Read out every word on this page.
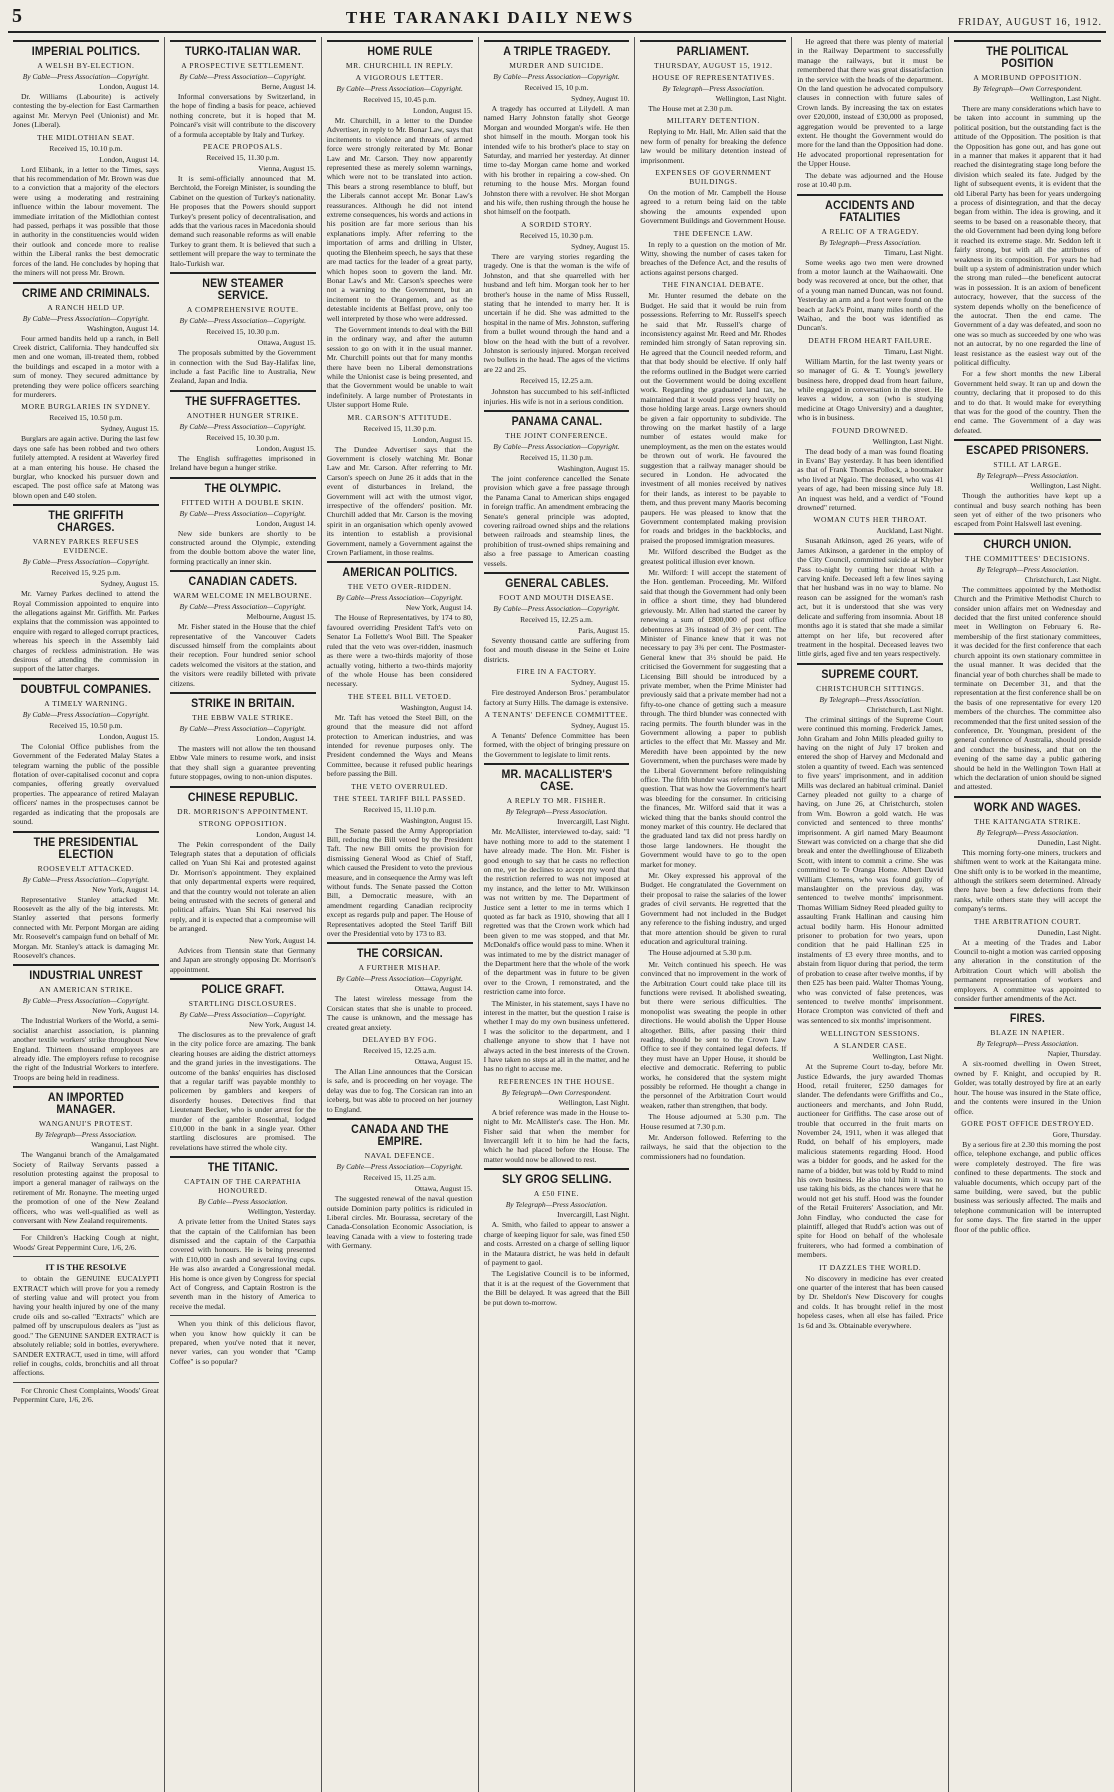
5	THE TARANAKI DAILY NEWS	FRIDAY, AUGUST 16, 1912.
IMPERIAL POLITICS.
A WELSH BY-ELECTION.
By Cable—Press Association—Copyright.
London, August 14.

Dr. Williams (Labourite) is actively contesting the by-election for East Carmarthen against Mr. Mervyn Peel (Unionist) and Mr. Jones (Liberal).

THE MIDLOTHIAN SEAT.
Received 15, 10.10 p.m.
London, August 14.

Lord Elibank, in a letter to the Times, says that his recommendation of Mr. Brown was due to a conviction that a majority of the electors were using a moderating and restraining influence within the labour movement. The immediate irritation of the Midlothian contest had passed, perhaps it was possible that those in authority in the constituencies would widen their outlook and concede more to realise within the Liberal ranks the best democratic forces of the land. He concludes by hoping that the miners will not press Mr. Brown.

CRIME AND CRIMINALS.
A RANCH HELD UP.
By Cable—Press Association—Copyright.
Washington, August 14.

Four armed bandits held up a ranch, in Bell Creek district, California. They handcuffed six men and one woman, ill-treated them, robbed the buildings and escaped in a motor with a sum of money. They secured admittance by pretending they were police officers searching for murderers.

MORE BURGLARIES IN SYDNEY.
Received 15, 10.50 p.m.
Sydney, August 15.

Burglars are again active. During the last few days one safe has been robbed and two others futilely attempted. A resident at Waverley fired at a man entering his house. He chased the burglar, who knocked his pursuer down and escaped. The post office safe at Matong was blown open and £40 stolen.

THE GRIFFITH CHARGES.
VARNEY PARKES REFUSES EVIDENCE.
By Cable—Press Association—Copyright.
Received 15, 9.25 p.m.
Sydney, August 15.

Mr. Varney Parkes declined to attend the Royal Commission appointed to enquire into the allegations against Mr. Griffith. Mr. Parkes explains that the commission was appointed to enquire with regard to alleged corrupt practices, whereas his speech in the Assembly laid charges of reckless administration. He was desirous of attending the commission in support of the latter charges.

DOUBTFUL COMPANIES.
A TIMELY WARNING.
By Cable—Press Association—Copyright.
Received 15, 10.50 p.m.
London, August 15.

The Colonial Office publishes from the Government of the Federated Malay States a telegram warning the public of the possible flotation of over-capitalised coconut and copra companies, offering greatly overvalued properties. The appearance of retired Malayan officers' names in the prospectuses cannot be regarded as indicating that the proposals are sound.

THE PRESIDENTIAL ELECTION
ROOSEVELT ATTACKED.
By Cable—Press Association—Copyright.
New York, August 14.

Representative Stanley attacked Mr. Roosevelt as the ally of the big interests. Mr. Stanley asserted that persons formerly connected with Mr. Perpont Morgan are aiding Mr. Roosevelt's campaign fund on behalf of Mr. Morgan. Mr. Stanley's attack is damaging Mr. Roosevelt's chances.

INDUSTRIAL UNREST
AN AMERICAN STRIKE.
By Cable—Press Association—Copyright.
New York, August 14.

The Industrial Workers of the World, a semi-socialist anarchist association, is planning another textile workers' strike throughout New England. Thirteen thousand employees are already idle. The employers refuse to recognise the right of the Industrial Workers to interfere. Troops are being held in readiness.

AN IMPORTED MANAGER.
WANGANUI'S PROTEST.
By Telegraph—Press Association.
Wanganui, Last Night.

The Wanganui branch of the Amalgamated Society of Railway Servants passed a resolution protesting against the proposal to import a general manager of railways on the retirement of Mr. Ronayne. The meeting urged the promotion of one of the New Zealand officers, who was well-qualified as well as conversant with New Zealand requirements.

For Children's Hacking Cough at night, Woods' Great Peppermint Cure, 1/6, 2/6.

IT IS THE RESOLVE

to obtain the GENUINE EUCALYPTI EXTRACT which will prove for you a remedy of sterling value and will protect you from having your health injured by one of the many crude oils and so-called "Extracts" which are palmed off by unscrupulous dealers as "just as good." The GENUINE SANDER EXTRACT is absolutely reliable; sold in bottles, everywhere. SANDER EXTRACT, used in time, will afford relief in coughs, colds, bronchitis and all throat affections.

For Chronic Chest Complaints, Woods' Great Peppermint Cure, 1/6, 2/6.

TURKO-ITALIAN WAR.
A PROSPECTIVE SETTLEMENT.
By Cable—Press Association—Copyright.
Berne, August 14.

Informal conversations by Switzerland, in the hope of finding a basis for peace, achieved nothing concrete, but it is hoped that M. Poincaré's visit will contribute to the discovery of a formula acceptable by Italy and Turkey.

PEACE PROPOSALS.
Received 15, 11.30 p.m.
Vienna, August 15.

It is semi-officially announced that M. Berchtold, the Foreign Minister, is sounding the Cabinet on the question of Turkey's nationality. He proposes that the Powers should support Turkey's present policy of decentralisation, and adds that the various races in Macedonia should demand such reasonable reforms as will enable Turkey to grant them. It is believed that such a settlement will prepare the way to terminate the Italo-Turkish war.

NEW STEAMER SERVICE.
A COMPREHENSIVE ROUTE.
By Cable—Press Association—Copyright.
Received 15, 10.30 p.m.
Ottawa, August 15.

The proposals submitted by the Government in connection with the Sud Bay-Halifax line, include a fast Pacific line to Australia, New Zealand, Japan and India.

THE SUFFRAGETTES.
ANOTHER HUNGER STRIKE.
By Cable—Press Association—Copyright.
Received 15, 10.30 p.m.
London, August 15.

The English suffragettes imprisoned in Ireland have begun a hunger strike.

THE OLYMPIC.
FITTED WITH A DOUBLE SKIN.
By Cable—Press Association—Copyright.
London, August 14.

New side bunkers are shortly to be constructed around the Olympic, extending from the double bottom above the water line, forming practically an inner skin.

CANADIAN CADETS.
WARM WELCOME IN MELBOURNE.
By Cable—Press Association—Copyright.
Melbourne, August 15.

Mr. Fisher stated in the House that the chief representative of the Vancouver Cadets discussed himself from the complaints about their reception. Four hundred senior school cadets welcomed the visitors at the station, and the visitors were readily billeted with private citizens.

STRIKE IN BRITAIN.
THE EBBW VALE STRIKE.
By Cable—Press Association—Copyright.
London, August 14.

The masters will not allow the ten thousand Ebbw Vale miners to resume work, and insist that they shall sign a guarantee preventing future stoppages, owing to non-union disputes.

CHINESE REPUBLIC.
DR. MORRISON'S APPOINTMENT.
STRONG OPPOSITION.
London, August 14.

The Pekin correspondent of the Daily Telegraph states that a deputation of officials called on Yuan Shi Kai and protested against Dr. Morrison's appointment. They explained that only departmental experts were required, and that the country would not tolerate an alien being entrusted with the secrets of general and political affairs. Yuan Shi Kai reserved his reply, and it is expected that a compromise will be arranged.

New York, August 14.

Advices from Tientsin state that Germany and Japan are strongly opposing Dr. Morrison's appointment.

POLICE GRAFT.
STARTLING DISCLOSURES.
By Cable—Press Association—Copyright.
New York, August 14.

The disclosures as to the prevalence of graft in the city police force are amazing. The bank clearing houses are aiding the district attorneys and the grand juries in the investigations. The outcome of the banks' enquiries has disclosed that a regular tariff was payable monthly to policemen by gamblers and keepers of disorderly houses. Detectives find that Lieutenant Becker, who is under arrest for the murder of the gambler Rosenthal, lodged £10,000 in the bank in a single year. Other startling disclosures are promised. The revelations have stirred the whole city.

THE TITANIC.
CAPTAIN OF THE CARPATHIA HONOURED.
By Cable—Press Association.
Wellington, Yesterday.

A private letter from the United States says that the captain of the Californian has been dismissed and the captain of the Carpathia covered with honours. He is being presented with £10,000 in cash and several loving cups. He was also awarded a Congressional medal. His home is once given by Congress for special Act of Congress, and Captain Rostron is the seventh man in the history of America to receive the medal.

When you think of this delicious flavor, when you know how quickly it can be prepared, when you've noted that it never, never varies, can you wonder that "Camp Coffee" is so popular?

HOME RULE
MR. CHURCHILL IN REPLY.
A VIGOROUS LETTER.
By Cable—Press Association—Copyright.
Received 15, 10.45 p.m.
London, August 15.

Mr. Churchill, in a letter to the Dundee Advertiser, in reply to Mr. Bonar Law, says that incitements to violence and threats of armed force were strongly reiterated by Mr. Bonar Law and Mr. Carson. They now apparently represented these as merely solemn warnings, which were not to be translated into action. This bears a strong resemblance to bluff, but the Liberals cannot accept Mr. Bonar Law's reassurances. Although he did not intend extreme consequences, his words and actions in his position are far more serious than his explanations imply. After referring to the importation of arms and drilling in Ulster, quoting the Blenheim speech, he says that these are mad tactics for the leader of a great party, which hopes soon to govern the land. Mr. Bonar Law's and Mr. Carson's speeches were not a warning to the Government, but an incitement to the Orangemen, and as the detestable incidents at Belfast prove, only too well interpreted by those who were addressed.

The Government intends to deal with the Bill in the ordinary way, and after the autumn session to go on with it in the usual manner. Mr. Churchill points out that for many months there have been no Liberal demonstrations while the Unionist case is being presented, and that the Government would be unable to wait indefinitely. A large number of Protestants in Ulster support Home Rule.

MR. CARSON'S ATTITUDE.
Received 15, 11.30 p.m.
London, August 15.

The Dundee Advertiser says that the Government is closely watching Mr. Bonar Law and Mr. Carson. After referring to Mr. Carson's speech on June 26 it adds that in the event of disturbances in Ireland, the Government will act with the utmost vigor, irrespective of the offenders' position. Mr. Churchill added that Mr. Carson is the moving spirit in an organisation which openly avowed its intention to establish a provisional Government, namely a Government against the Crown Parliament, in those realms.

AMERICAN POLITICS.
THE VETO OVER-RIDDEN.
By Cable—Press Association—Copyright.
New York, August 14.

The House of Representatives, by 174 to 80, favoured overriding President Taft's veto on Senator La Follette's Wool Bill. The Speaker ruled that the veto was over-ridden, inasmuch as there were a two-thirds majority of those actually voting, hitherto a two-thirds majority of the whole House has been considered necessary.

THE STEEL BILL VETOED.
Washington, August 14.

Mr. Taft has vetoed the Steel Bill, on the ground that the measure did not afford protection to American industries, and was intended for revenue purposes only. The President condemned the Ways and Means Committee, because it refused public hearings before passing the Bill.

THE VETO OVERRULED.
THE STEEL TARIFF BILL PASSED.
Received 15, 11.10 p.m.
Washington, August 15.

The Senate passed the Army Appropriation Bill, reducing the Bill vetoed by the President Taft. The new Bill omits the provision for dismissing General Wood as Chief of Staff, which caused the President to veto the previous measure, and in consequence the Army was left without funds. The Senate passed the Cotton Bill, a Democratic measure, with an amendment regarding Canadian reciprocity except as regards pulp and paper. The House of Representatives adopted the Steel Tariff Bill over the Presidential veto by 173 to 83.

THE CORSICAN.
A FURTHER MISHAP.
By Cable—Press Association—Copyright.
Ottawa, August 14.

The latest wireless message from the Corsican states that she is unable to proceed. The cause is unknown, and the message has created great anxiety.

DELAYED BY FOG.
Received 15, 12.25 a.m.
Ottawa, August 15.

The Allan Line announces that the Corsican is safe, and is proceeding on her voyage. The delay was due to fog. The Corsican ran into an iceberg, but was able to proceed on her journey to England.

CANADA AND THE EMPIRE.
NAVAL DEFENCE.
By Cable—Press Association—Copyright.
Received 15, 11.25 a.m.
Ottawa, August 15.

The suggested renewal of the naval question outside Dominion party politics is ridiculed in Liberal circles. Mr. Bourassa, secretary of the Canada-Consolation Economic Association, is leaving Canada with a view to fostering trade with Germany.

A TRIPLE TRAGEDY.
MURDER AND SUICIDE.
By Cable—Press Association—Copyright.
Received 15, 10 p.m.
Sydney, August 10.

A tragedy has occurred at Lilydell. A man named Harry Johnston fatally shot George Morgan and wounded Morgan's wife. He then shot himself in the mouth. Morgan took his intended wife to his brother's place to stay on Saturday, and married her yesterday. At dinner time to-day Morgan came home and worked with his brother in repairing a cow-shed. On returning to the house Mrs. Morgan found Johnston there with a revolver. He shot Morgan and his wife, then rushing through the house he shot himself on the footpath.

A SORDID STORY.
Received 15, 10.30 p.m.
Sydney, August 15.

There are varying stories regarding the tragedy. One is that the woman is the wife of Johnston, and that she quarrelled with her husband and left him. Morgan took her to her brother's house in the name of Miss Russell, stating that he intended to marry her. It is uncertain if he did. She was admitted to the hospital in the name of Mrs. Johnston, suffering from a bullet wound through the hand and a blow on the head with the butt of a revolver. Johnston is seriously injured. Morgan received two bullets in the head. The ages of the victims are 22 and 25.

Received 15, 12.25 a.m.

Johnston has succumbed to his self-inflicted injuries. His wife is not in a serious condition.

PANAMA CANAL.
THE JOINT CONFERENCE.
By Cable—Press Association—Copyright.
Received 15, 11.30 p.m.
Washington, August 15.

The joint conference cancelled the Senate provision which gave a free passage through the Panama Canal to American ships engaged in foreign traffic. An amendment embracing the Senate's general principle was adopted, covering railroad owned ships and the relations between railroads and steamship lines, the prohibition of trust-owned ships remaining and also a free passage to American coasting vessels.

GENERAL CABLES.
FOOT AND MOUTH DISEASE.
By Cable—Press Association—Copyright.
Received 15, 12.25 a.m.
Paris, August 15.

Seventy thousand cattle are suffering from foot and mouth disease in the Seine et Loire districts.

FIRE IN A FACTORY.
Sydney, August 15.

Fire destroyed Anderson Bros.' perambulator factory at Surry Hills. The damage is extensive.

A TENANTS' DEFENCE COMMITTEE.
Sydney, August 15.

A Tenants' Defence Committee has been formed, with the object of bringing pressure on the Government to legislate to limit rents.

MR. MACALLISTER'S CASE.
A REPLY TO MR. FISHER.
By Telegraph—Press Association.
Invercargill, Last Night.

Mr. McAllister, interviewed to-day, said: "I have nothing more to add to the statement I have already made. The Hon. Mr. Fisher is good enough to say that he casts no reflection on me, yet he declines to accept my word that the restriction referred to was not imposed at my instance, and the letter to Mr. Wilkinson was not written by me. The Department of Justice sent a letter to me in terms which I quoted as far back as 1910, showing that all I regretted was that the Crown work which had been given to me was stopped, and that Mr. McDonald's office would pass to mine. When it was intimated to me by the district manager of the Department here that the whole of the work of the department was in future to be given over to the Crown, I remonstrated, and the restriction came into force.

The Minister, in his statement, says I have no interest in the matter, but the question I raise is whether I may do my own business unfettered. I was the solicitor to the department, and I challenge anyone to show that I have not always acted in the best interests of the Crown. I have taken no steps at all in the matter, and he has no right to accuse me.

REFERENCES IN THE HOUSE.
By Telegraph—Own Correspondent.
Wellington, Last Night.

A brief reference was made in the House to-night to Mr. McAllister's case. The Hon. Mr. Fisher said that when the member for Invercargill left it to him he had the facts, which he had placed before the House. The matter would now be allowed to rest.

SLY GROG SELLING.
A £50 FINE.
By Telegraph—Press Association.
Invercargill, Last Night.

A. Smith, who failed to appear to answer a charge of keeping liquor for sale, was fined £50 and costs. Arrested on a charge of selling liquor in the Mataura district, he was held in default of payment to gaol.

The Legislative Council is to be informed, that it is at the request of the Government that the Bill be delayed. It was agreed that the Bill be put down to-morrow.

PARLIAMENT.
THURSDAY, AUGUST 15, 1912.
HOUSE OF REPRESENTATIVES.
By Telegraph—Press Association.
Wellington, Last Night.

The House met at 2.30 p.m.

MILITARY DETENTION.

Replying to Mr. Hall, Mr. Allen said that the new form of penalty for breaking the defence law would be military detention instead of imprisonment.

EXPENSES OF GOVERNMENT BUILDINGS.

On the motion of Mr. Campbell the House agreed to a return being laid on the table showing the amounts expended upon Government Buildings and Government House.

THE DEFENCE LAW.

In reply to a question on the motion of Mr. Witty, showing the number of cases taken for breaches of the Defence Act, and the results of actions against persons charged.

THE FINANCIAL DEBATE.

Mr. Hunter resumed the debate on the Budget. He said that it would be ruin from possessions. Referring to Mr. Russell's speech he said that Mr. Russell's charge of inconsistency against Mr. Reed and Mr. Rhodes reminded him strongly of Satan reproving sin. He agreed that the Council needed reform, and that that body should be elective. If only half the reforms outlined in the Budget were carried out the Government would be doing excellent work. Regarding the graduated land tax, he maintained that it would press very heavily on those holding large areas. Large owners should be given a fair opportunity to subdivide. The throwing on the market hastily of a large number of estates would make for unemployment, as the men on the estates would be thrown out of work. He favoured the suggestion that a railway manager should be secured in London. He advocated the investment of all monies received by natives for their lands, as interest to be payable to them, and thus prevent many Maoris becoming paupers. He was pleased to know that the Government contemplated making provision for roads and bridges in the backblocks, and praised the proposed immigration measures.

Mr. Wilford described the Budget as the greatest political illusion ever known.

Mr. Wilford: I will accept the statement of the Hon. gentleman. Proceeding, Mr. Wilford said that though the Government had only been in office a short time, they had blundered grievously. Mr. Allen had started the career by renewing a sum of £800,000 of post office debentures at 3¾ instead of 3½ per cent. The Minister of Finance knew that it was not necessary to pay 3¾ per cent. The Postmaster-General knew that 3½ should be paid. He criticised the Government for suggesting that a Licensing Bill should be introduced by a private member, when the Prime Minister had previously said that a private member had not a fifty-to-one chance of getting such a measure through. The third blunder was connected with racing permits. The fourth blunder was in the Government allowing a paper to publish articles to the effect that Mr. Massey and Mr. Meredith have been appointed by the new Government, when the purchases were made by the Liberal Government before relinquishing office. The fifth blunder was referring the tariff question. That was how the Government's heart was bleeding for the consumer. In criticising the finances, Mr. Wilford said that it was a wicked thing that the banks should control the money market of this country. He declared that the graduated land tax did not press hardly on those large landowners. He thought the Government would have to go to the open market for money.

Mr. Okey expressed his approval of the Budget. He congratulated the Government on their proposal to raise the salaries of the lower grades of civil servants. He regretted that the Government had not included in the Budget any reference to the fishing industry, and urged that more attention should be given to rural education and agricultural training.

The House adjourned at 5.30 p.m.

Mr. Veitch continued his speech. He was convinced that no improvement in the work of the Arbitration Court could take place till its functions were revised. It abolished sweating, but there were serious difficulties. The monopolist was sweating the people in other directions. He would abolish the Upper House altogether. Bills, after passing their third reading, should be sent to the Crown Law Office to see if they contained legal defects. If they must have an Upper House, it should be elective and democratic. Referring to public works, he considered that the system might possibly be reformed. He thought a change in the personnel of the Arbitration Court would weaken, rather than strengthen, that body.

The House adjourned at 5.30 p.m. The House resumed at 7.30 p.m.

Mr. Anderson followed. Referring to the railways, he said that the objection to the commissioners had no foundation.

He agreed that there was plenty of material in the Railway Department to successfully manage the railways, but it must be remembered that there was great dissatisfaction in the service with the heads of the department. On the land question he advocated compulsory clauses in connection with future sales of Crown lands. By increasing the tax on estates over £20,000, instead of £30,000 as proposed, aggregation would be prevented to a large extent. He thought the Government would do more for the land than the Opposition had done. He advocated proportional representation for the Upper House.

The debate was adjourned and the House rose at 10.40 p.m.

ACCIDENTS AND FATALITIES
A RELIC OF A TRAGEDY.
By Telegraph—Press Association.
Timaru, Last Night.

Some weeks ago two men were drowned from a motor launch at the Waihaowaiti. One body was recovered at once, but the other, that of a young man named Duncan, was not found. Yesterday an arm and a foot were found on the beach at Jack's Point, many miles north of the Waihao, and the boot was identified as Duncan's.

DEATH FROM HEART FAILURE.
Timaru, Last Night.

William Martin, for the last twenty years or so manager of G. & T. Young's jewellery business here, dropped dead from heart failure, while engaged in conversation in the street. He leaves a widow, a son (who is studying medicine at Otago University) and a daughter, who is in business.

FOUND DROWNED.
Wellington, Last Night.

The dead body of a man was found floating in Evans' Bay yesterday. It has been identified as that of Frank Thomas Pollock, a bootmaker who lived at Ngaio. The deceased, who was 41 years of age, had been missing since July 18. An inquest was held, and a verdict of "Found drowned" returned.

WOMAN CUTS HER THROAT.
Auckland, Last Night.

Susanah Atkinson, aged 26 years, wife of James Atkinson, a gardener in the employ of the City Council, committed suicide at Khyber Pass to-night by cutting her throat with a carving knife. Deceased left a few lines saying that her husband was in no way to blame. No reason can be assigned for the woman's rash act, but it is understood that she was very delicate and suffering from insomnia. About 18 months ago it is stated that she made a similar attempt on her life, but recovered after treatment in the hospital. Deceased leaves two little girls, aged five and ten years respectively.

SUPREME COURT.
CHRISTCHURCH SITTINGS.
By Telegraph—Press Association.
Christchurch, Last Night.

The criminal sittings of the Supreme Court were continued this morning. Frederick James, John Graham and John Mills pleaded guilty to having on the night of July 17 broken and entered the shop of Harvey and Mcdonald and stolen a quantity of tweed. Each was sentenced to five years' imprisonment, and in addition Mills was declared an habitual criminal. Daniel Carney pleaded not guilty to a charge of having, on June 26, at Christchurch, stolen from Wm. Bowron a gold watch. He was convicted and sentenced to three months' imprisonment. A girl named Mary Beaumont Stewart was convicted on a charge that she did break and enter the dwellinghouse of Elizabeth Scott, with intent to commit a crime. She was committed to Te Oranga Home. Albert David William Clemens, who was found guilty of manslaughter on the previous day, was sentenced to twelve months' imprisonment. Thomas William Sidney Reed pleaded guilty to assaulting Frank Hallinan and causing him actual bodily harm. His Honour admitted prisoner to probation for two years, upon condition that he paid Hallinan £25 in instalments of £3 every three months, and to abstain from liquor during that period, the term of probation to cease after twelve months, if by then £25 has been paid. Walter Thomas Young, who was convicted of false pretences, was sentenced to twelve months' imprisonment. Horace Crompton was convicted of theft and was sentenced to six months' imprisonment.

WELLINGTON SESSIONS.
A SLANDER CASE.
Wellington, Last Night.

At the Supreme Court to-day, before Mr. Justice Edwards, the jury awarded Thomas Hood, retail fruiterer, £250 damages for slander. The defendants were Griffiths and Co., auctioneers and merchants, and John Rudd, auctioneer for Griffiths. The case arose out of trouble that occurred in the fruit marts on November 24, 1911, when it was alleged that Rudd, on behalf of his employers, made malicious statements regarding Hood. Hood was a bidder for goods, and he asked for the name of a bidder, but was told by Rudd to mind his own business. He also told him it was no use taking his bids, as the chances were that he would not get his stuff. Hood was the founder of the Retail Fruiterers' Association, and Mr. John Findlay, who conducted the case for plaintiff, alleged that Rudd's action was out of spite for Hood on behalf of the wholesale fruiterers, who had formed a combination of members.

IT DAZZLES THE WORLD.

No discovery in medicine has ever created one quarter of the interest that has been caused by Dr. Sheldon's New Discovery for coughs and colds. It has brought relief in the most hopeless cases, when all else has failed. Price 1s 6d and 3s. Obtainable everywhere.

THE POLITICAL POSITION
A MORIBUND OPPOSITION.
By Telegraph—Own Correspondent.
Wellington, Last Night.

There are many considerations which have to be taken into account in summing up the political position, but the outstanding fact is the attitude of the Opposition. The position is that the Opposition has gone out, and has gone out in a manner that makes it apparent that it had reached the disintegrating stage long before the division which sealed its fate. Judged by the light of subsequent events, it is evident that the old Liberal Party has been for years undergoing a process of disintegration, and that the decay began from within. The idea is growing, and it seems to be based on a reasonable theory, that the old Government had been dying long before it reached its extreme stage. Mr. Seddon left it fairly strong, but with all the attributes of weakness in its composition. For years he had built up a system of administration under which the strong man ruled—the beneficent autocrat was in possession. It is an axiom of beneficent autocracy, however, that the success of the system depends wholly on the beneficence of the autocrat. Then the end came. The Government of a day was defeated, and soon no one was so much as succeeded by one who was not an autocrat, by no one regarded the line of least resistance as the easiest way out of the political difficulty.

For a few short months the new Liberal Government held sway. It ran up and down the country, declaring that it proposed to do this and to do that. It would make for everything that was for the good of the country. Then the end came. The Government of a day was defeated.

ESCAPED PRISONERS.
STILL AT LARGE.
By Telegraph—Press Association.
Wellington, Last Night.

Though the authorities have kept up a continual and busy search nothing has been seen yet of either of the two prisoners who escaped from Point Halswell last evening.

CHURCH UNION.
THE COMMITTEES' DECISIONS.
By Telegraph—Press Association.
Christchurch, Last Night.

The committees appointed by the Methodist Church and the Primitive Methodist Church to consider union affairs met on Wednesday and decided that the first united conference should meet in Wellington on February 6. Re-membership of the first stationary committees, it was decided for the first conference that each church appoint its own stationary committee in the usual manner. It was decided that the financial year of both churches shall be made to terminate on December 31, and that the representation at the first conference shall be on the basis of one representative for every 120 members of the churches. The committee also recommended that the first united session of the conference, Dr. Youngman, president of the general conference of Australia, should preside and conduct the business, and that on the evening of the same day a public gathering should be held in the Wellington Town Hall at which the declaration of union should be signed and attested.

WORK AND WAGES.
THE KAITANGATA STRIKE.
By Telegraph—Press Association.
Dunedin, Last Night.

This morning forty-one miners, truckers and shiftmen went to work at the Kaitangata mine. One shift only is to be worked in the meantime, although the strikers seem determined. Already there have been a few defections from their ranks, while others state they will accept the company's terms.

THE ARBITRATION COURT.
Dunedin, Last Night.

At a meeting of the Trades and Labor Council to-night a motion was carried opposing any alteration in the constitution of the Arbitration Court which will abolish the permanent representation of workers and employers. A committee was appointed to consider further amendments of the Act.

FIRES.
BLAZE IN NAPIER.
By Telegraph—Press Association.
Napier, Thursday.

A six-roomed dwelling in Owen Street, owned by F. Knight, and occupied by R. Golder, was totally destroyed by fire at an early hour. The house was insured in the State office, and the contents were insured in the Union office.

GORE POST OFFICE DESTROYED.
Gore, Thursday.

By a serious fire at 2.30 this morning the post office, telephone exchange, and public offices were completely destroyed. The fire was confined to these departments. The stock and valuable documents, which occupy part of the same building, were saved, but the public business was seriously affected. The mails and telephone communication will be interrupted for some days. The fire started in the upper floor of the public office.
